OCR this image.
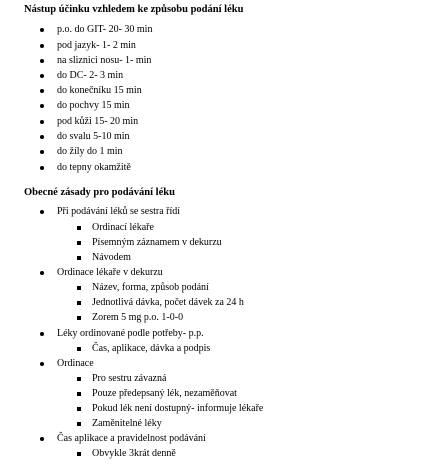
Nástup účinku vzhledem ke způsobu podání léku
p.o. do GIT- 20- 30 min
pod jazyk- 1- 2 min
na sliznici nosu- 1- min
do DC- 2- 3 min
do konečníku 15 min
do pochvy 15 min
pod kůži 15- 20 min
do svalu 5-10 min
do žíly do 1 min
do tepny okamžitě
Obecné zásady pro podávání léku
Při podávání léků se sestra řídí
Ordinací lékaře
Písemným záznamem v dekurzu
Návodem
Ordinace lékaře v dekurzu
Název, forma, způsob podání
Jednotlivá dávka, počet dávek za 24 h
Zorem 5 mg p.o. 1-0-0
Léky ordinované podle potřeby- p.p.
Čas, aplikace, dávka a podpis
Ordinace
Pro sestru závazná
Pouze předepsaný lék, nezaměňovat
Pokud lék není dostupný- informuje lékaře
Zaměnitelné léky
Čas aplikace a pravidelnost podávání
Obvykle 3krát denně
